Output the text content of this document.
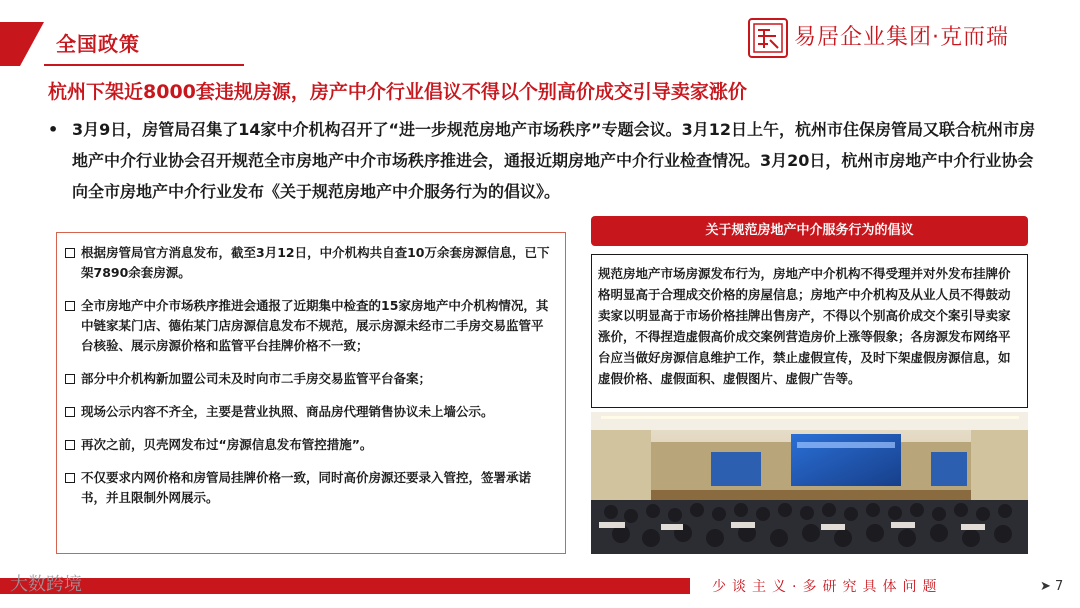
全国政策	易居企业集团·克而瑞
杭州下架近8000套违规房源，房产中介行业倡议不得以个别高价成交引导卖家涨价
• 3月9日，房管局召集了14家中介机构召开了“进一步规范房地产市场秩序”专题会议。3月12日上午，杭州市住保房管局又联合杭州市房地产中介行业协会召开规范全市房地产中介市场秩序推进会，通报近期房地产中介行业检查情况。3月20日，杭州市房地产中介行业协会向全市房地产中介行业发布《关于规范房地产中介服务行为的倡议》。
根据房管局官方消息发布，截至3月12日，中介机构共自查10万余套房源信息，已下架7890余套房源。
全市房地产中介市场秩序推进会通报了近期集中检查的15家房地产中介机构情况，其中链家某门店、德佑某门店房源信息发布不规范，展示房源未经市二手房交易监管平台核验、展示房源价格和监管平台挂牌价格不一致；
部分中介机构新加盟公司未及时向市二手房交易监管平台备案；
现场公示内容不齐全，主要是营业执照、商品房代理销售协议未上墙公示。
再次之前，贝壳网发布过“房源信息发布管控措施”。
不仅要求内网价格和房管局挂牌价格一致，同时高价房源还要录入管控，签署承诺书，并且限制外网展示。
关于规范房地产中介服务行为的倡议
规范房地产市场房源发布行为，房地产中介机构不得受理并对外发布挂牌价格明显高于合理成交价格的房屋信息；房地产中介机构及从业人员不得鼓动卖家以明显高于市场价格挂牌出售房产，不得以个别高价成交个案引导卖家涨价，不得捏造虚假高价成交案例营造房价上涨等假象；各房源发布网络平台应当做好房源信息维护工作，禁止虚假宣传，及时下架虚假房源信息，如虚假价格、虚假面积、虚假图片、虚假广告等。
大数跨境	少谈主义·多研究具体问题	➤ 7
